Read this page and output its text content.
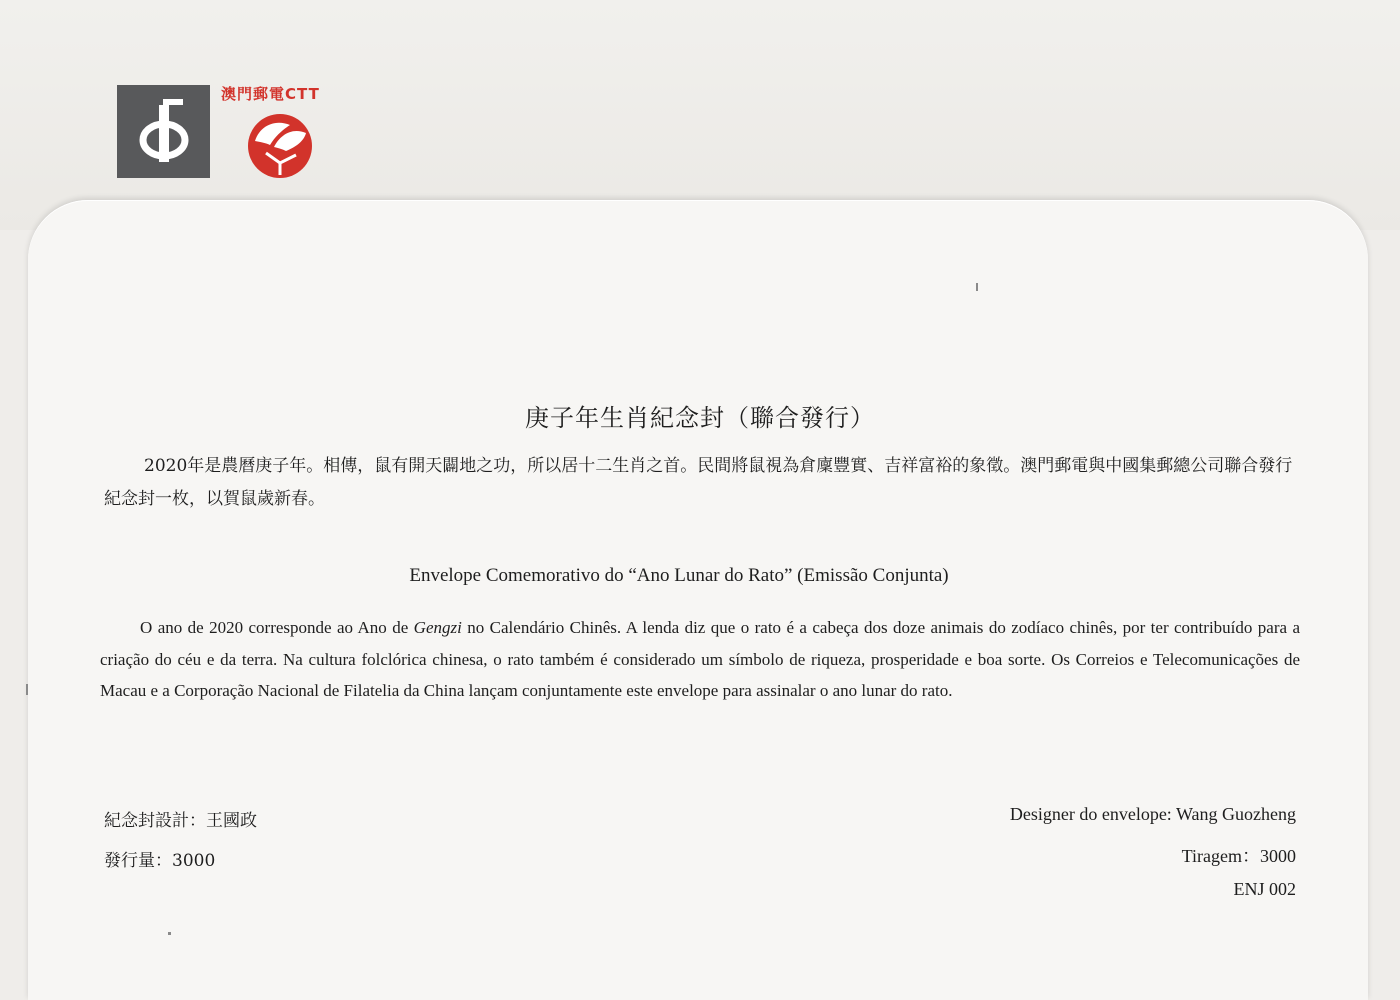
澳門郵電CTT
庚子年生肖紀念封（聯合發行）

2020年是農曆庚子年。相傳，鼠有開天闢地之功，所以居十二生肖之首。民間將鼠視為倉廩豐實、吉祥富裕的象徵。澳門郵電與中國集郵總公司聯合發行紀念封一枚，以賀鼠歲新春。

Envelope Comemorativo do “Ano Lunar do Rato” (Emissão Conjunta)

O ano de 2020 corresponde ao Ano de Gengzi no Calendário Chinês. A lenda diz que o rato é a cabeça dos doze animais do zodíaco chinês, por ter contribuído para a criação do céu e da terra. Na cultura folclórica chinesa, o rato também é considerado um símbolo de riqueza, prosperidade e boa sorte. Os Correios e Telecomunicações de Macau e a Corporação Nacional de Filatelia da China lançam conjuntamente este envelope para assinalar o ano lunar do rato.

紀念封設計：王國政
發行量：3000
Designer do envelope: Wang Guozheng
Tiragem：3000
ENJ 002
